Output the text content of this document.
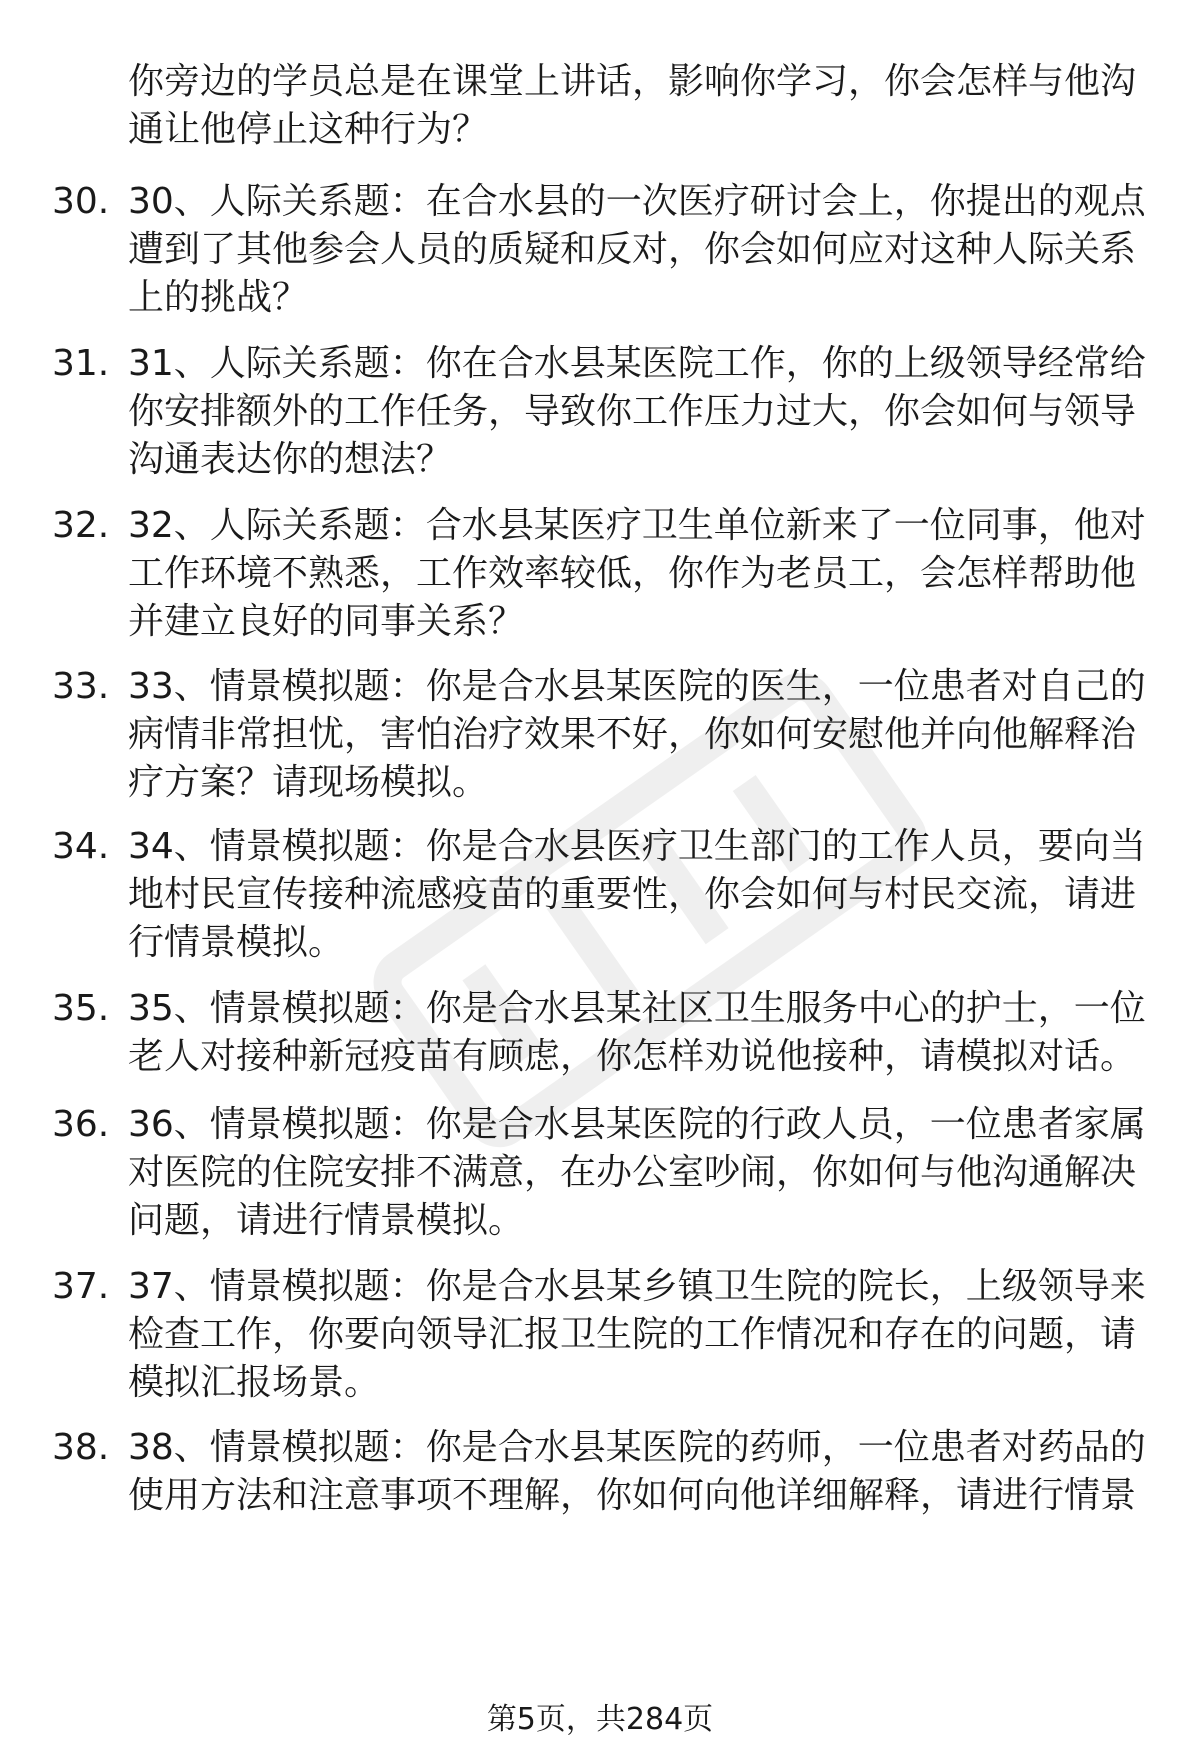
你旁边的学员总是在课堂上讲话，影响你学习，你会怎样与他沟通让他停止这种行为？
30. 30、人际关系题：在合水县的一次医疗研讨会上，你提出的观点遭到了其他参会人员的质疑和反对，你会如何应对这种人际关系上的挑战？
31. 31、人际关系题：你在合水县某医院工作，你的上级领导经常给你安排额外的工作任务，导致你工作压力过大，你会如何与领导沟通表达你的想法？
32. 32、人际关系题：合水县某医疗卫生单位新来了一位同事，他对工作环境不熟悉，工作效率较低，你作为老员工，会怎样帮助他并建立良好的同事关系？
33. 33、情景模拟题：你是合水县某医院的医生，一位患者对自己的病情非常担忧，害怕治疗效果不好，你如何安慰他并向他解释治疗方案？请现场模拟。
34. 34、情景模拟题：你是合水县医疗卫生部门的工作人员，要向当地村民宣传接种流感疫苗的重要性，你会如何与村民交流，请进行情景模拟。
35. 35、情景模拟题：你是合水县某社区卫生服务中心的护士，一位老人对接种新冠疫苗有顾虑，你怎样劝说他接种，请模拟对话。
36. 36、情景模拟题：你是合水县某医院的行政人员，一位患者家属对医院的住院安排不满意，在办公室吵闹，你如何与他沟通解决问题，请进行情景模拟。
37. 37、情景模拟题：你是合水县某乡镇卫生院的院长，上级领导来检查工作，你要向领导汇报卫生院的工作情况和存在的问题，请模拟汇报场景。
38. 38、情景模拟题：你是合水县某医院的药师，一位患者对药品的使用方法和注意事项不理解，你如何向他详细解释，请进行情景
第5页，共284页
